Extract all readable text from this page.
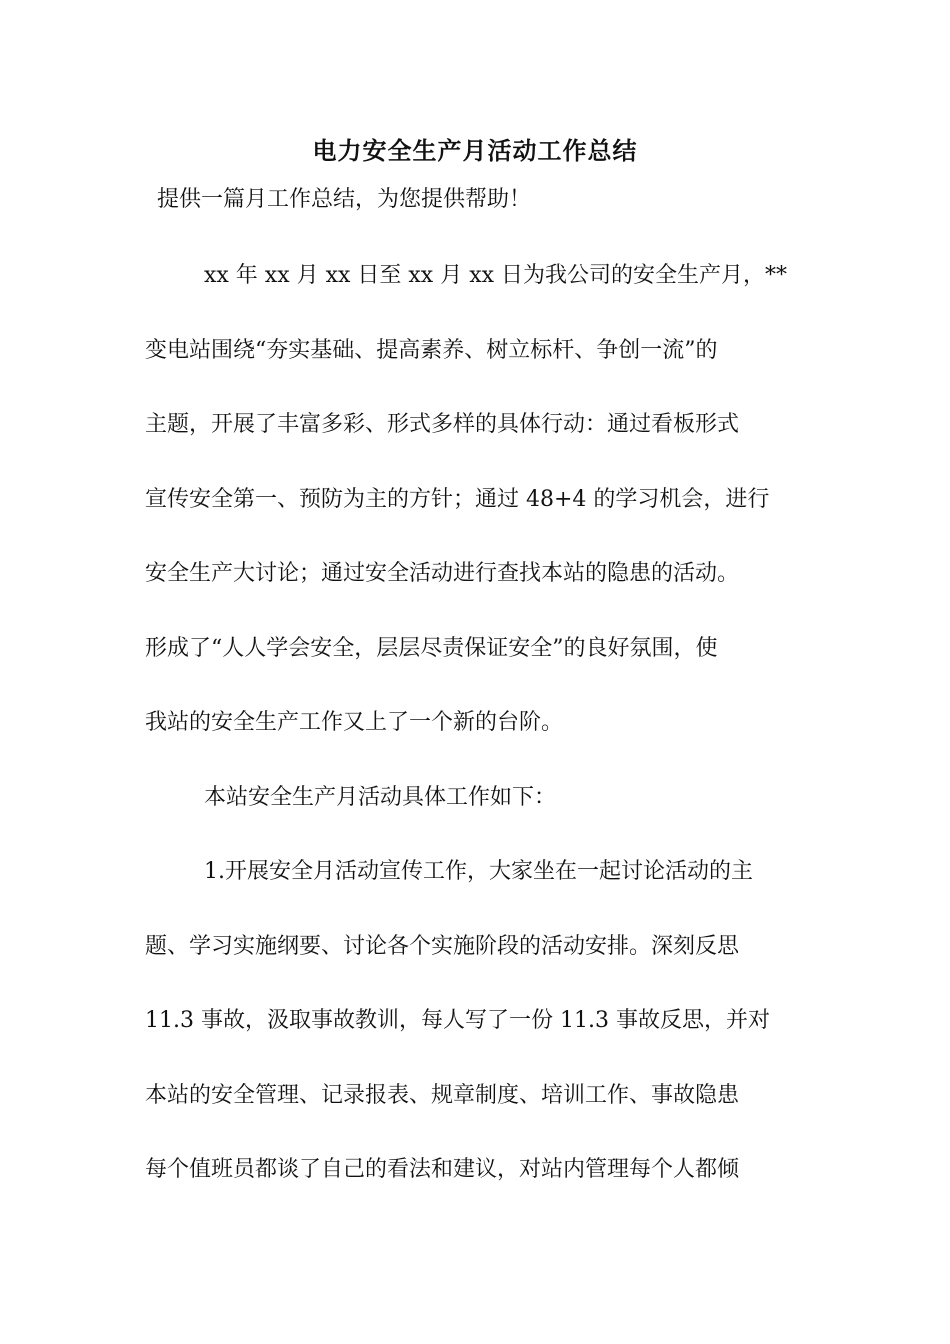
电力安全生产月活动工作总结
提供一篇月工作总结，为您提供帮助！
xx 年 xx 月 xx 日至 xx 月 xx 日为我公司的安全生产月，**
变电站围绕“夯实基础、提高素养、树立标杆、争创一流”的
主题，开展了丰富多彩、形式多样的具体行动：通过看板形式
宣传安全第一、预防为主的方针；通过 48+4 的学习机会，进行
安全生产大讨论；通过安全活动进行查找本站的隐患的活动。
形成了“人人学会安全，层层尽责保证安全”的良好氛围，使
我站的安全生产工作又上了一个新的台阶。
本站安全生产月活动具体工作如下：
1.开展安全月活动宣传工作，大家坐在一起讨论活动的主
题、学习实施纲要、讨论各个实施阶段的活动安排。深刻反思
11.3 事故，汲取事故教训，每人写了一份 11.3 事故反思，并对
本站的安全管理、记录报表、规章制度、培训工作、事故隐患
每个值班员都谈了自己的看法和建议，对站内管理每个人都倾
